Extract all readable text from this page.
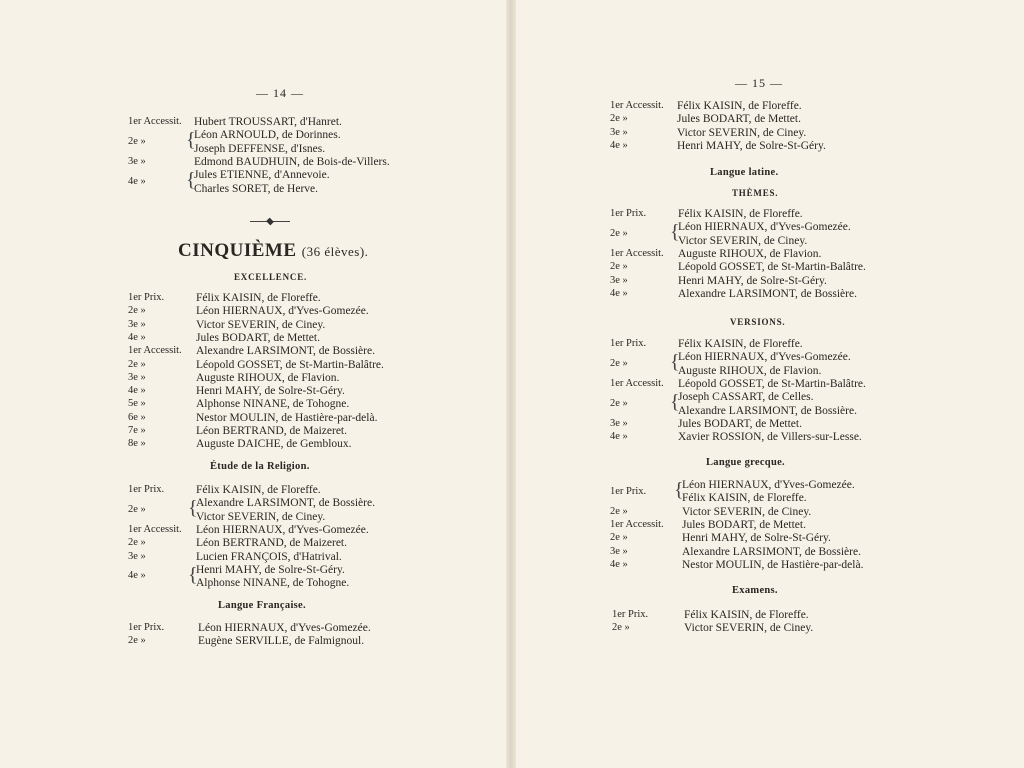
— 14 —
1er Accessit. Hubert TROUSSART, d'Hanret.
2e » {
Léon ARNOULD, de Dorinnes.
Joseph DEFFENSE, d'Isnes.
3e »	Edmond BAUDHUIN, de Bois-de-Villers.
4e » {
Jules ETIENNE, d'Annevoie.
Charles SORET, de Herve.
CINQUIÈME (36 élèves).
EXCELLENCE.
1er Prix.	Félix KAISIN, de Floreffe.
2e »	Léon HIERNAUX, d'Yves-Gomezée.
3e »	Victor SEVERIN, de Ciney.
4e »	Jules BODART, de Mettet.
1er Accessit. Alexandre LARSIMONT, de Bossière.
2e »	Léopold GOSSET, de St-Martin-Balâtre.
3e »	Auguste RIHOUX, de Flavion.
4e »	Henri MAHY, de Solre-St-Géry.
5e »	Alphonse NINANE, de Tohogne.
6e »	Nestor MOULIN, de Hastière-par-delà.
7e »	Léon BERTRAND, de Maizeret.
8e »	Auguste DAICHE, de Gembloux.
Étude de la Religion.
1er Prix.	Félix KAISIN, de Floreffe.
2e » {
Alexandre LARSIMONT, de Bossière.
Victor SEVERIN, de Ciney.
1er Accessit. Léon HIERNAUX, d'Yves-Gomezée.
2e »	Léon BERTRAND, de Maizeret.
3e »	Lucien FRANÇOIS, d'Hatrival.
4e » {
Henri MAHY, de Solre-St-Géry.
Alphonse NINANE, de Tohogne.
Langue Française.
1er Prix.	Léon HIERNAUX, d'Yves-Gomezée.
2e »	Eugène SERVILLE, de Falmignoul.
— 15 —
1er Accessit. Félix KAISIN, de Floreffe.
2e »	Jules BODART, de Mettet.
3e »	Victor SEVERIN, de Ciney.
4e »	Henri MAHY, de Solre-St-Géry.
Langue latine.
THÈMES.
1er Prix.	Félix KAISIN, de Floreffe.
2e » {
Léon HIERNAUX, d'Yves-Gomezée.
Victor SEVERIN, de Ciney.
1er Accessit. Auguste RIHOUX, de Flavion.
2e »	Léopold GOSSET, de St-Martin-Balâtre.
3e »	Henri MAHY, de Solre-St-Géry.
4e »	Alexandre LARSIMONT, de Bossière.
VERSIONS.
1er Prix.	Félix KAISIN, de Floreffe.
2e » {
Léon HIERNAUX, d'Yves-Gomezée.
Auguste RIHOUX, de Flavion.
1er Accessit. Léopold GOSSET, de St-Martin-Balâtre.
2e » {
Joseph CASSART, de Celles.
Alexandre LARSIMONT, de Bossière.
3e »	Jules BODART, de Mettet.
4e »	Xavier ROSSION, de Villers-sur-Lesse.
Langue grecque.
1er Prix. {
Léon HIERNAUX, d'Yves-Gomezée.
Félix KAISIN, de Floreffe.
2e »	Victor SEVERIN, de Ciney.
1er Accessit. Jules BODART, de Mettet.
2e »	Henri MAHY, de Solre-St-Géry.
3e »	Alexandre LARSIMONT, de Bossière.
4e »	Nestor MOULIN, de Hastière-par-delà.
Examens.
1er Prix.	Félix KAISIN, de Floreffe.
2e »	Victor SEVERIN, de Ciney.
